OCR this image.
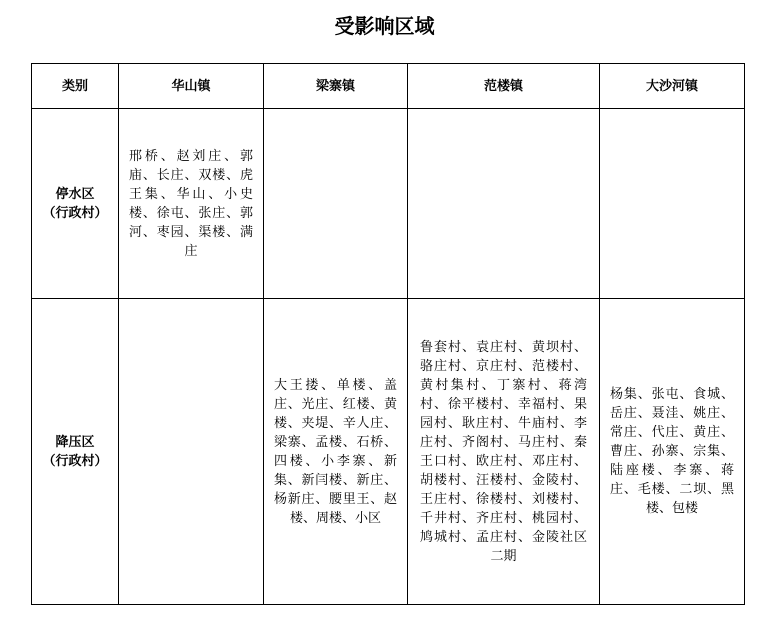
受影响区域
类别	华山镇	梁寨镇	范楼镇	大沙河镇

停水区
（行政村）	邢桥、赵刘庄、郭庙、长庄、双楼、虎王集、华山、小史楼、徐屯、张庄、郭河、枣园、渠楼、满庄			

降压区
（行政村）		大王搂、单楼、盖庄、光庄、红楼、黄楼、夹堤、辛人庄、梁寨、孟楼、石桥、四楼、小李寨、新集、新闫楼、新庄、杨新庄、腰里王、赵楼、周楼、小区	鲁套村、袁庄村、黄坝村、骆庄村、京庄村、范楼村、黄村集村、丁寨村、蒋湾村、徐平楼村、幸福村、果园村、耿庄村、牛庙村、李庄村、齐阁村、马庄村、秦王口村、欧庄村、邓庄村、胡楼村、汪楼村、金陵村、王庄村、徐楼村、刘楼村、千井村、齐庄村、桃园村、鸠城村、孟庄村、金陵社区二期	杨集、张屯、食城、岳庄、聂洼、姚庄、常庄、代庄、黄庄、曹庄、孙寨、宗集、陆座楼、李寨、蒋庄、毛楼、二坝、黑楼、包楼
